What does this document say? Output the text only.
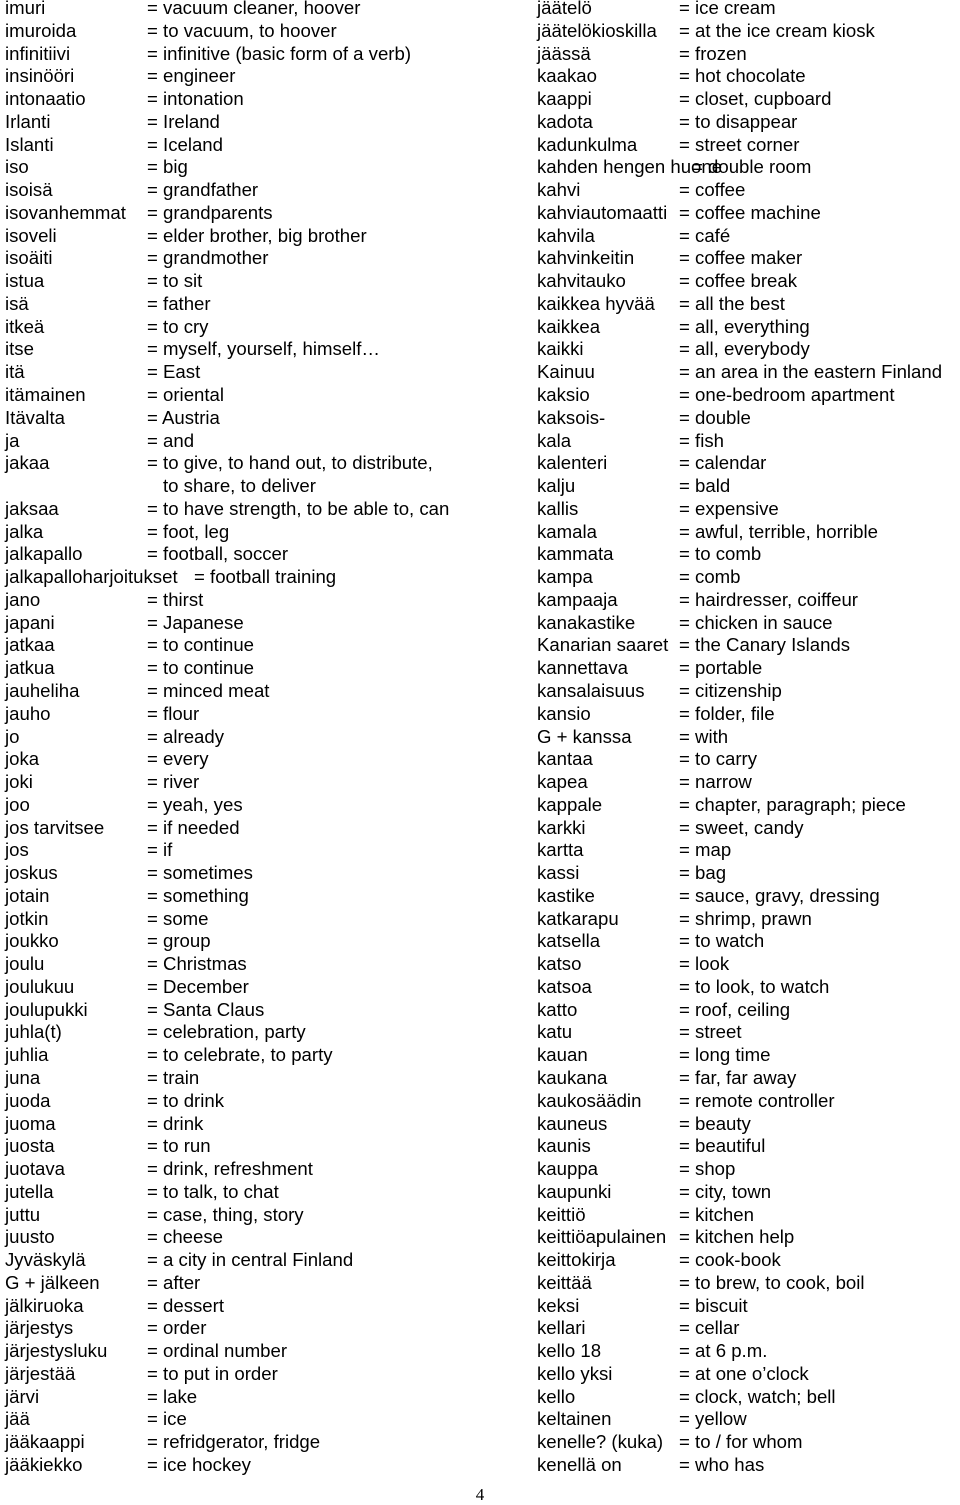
imuri	= vacuum cleaner, hoover
imuroida	= to vacuum, to hoover
infinitiivi	= infinitive (basic form of a verb)
insinööri	= engineer
intonaatio	= intonation
Irlanti	= Ireland
Islanti	= Iceland
iso	= big
isoisä	= grandfather
isovanhemmat = grandparents
isoveli	= elder brother, big brother
isoäiti	= grandmother
istua	= to sit
isä	= father
itkeä	= to cry
itse	= myself, yourself, himself…
itä	= East
itämainen	= oriental
Itävalta	= Austria
ja	= and
jakaa	= to give, to hand out, to distribute,
to share, to deliver
jaksaa	= to have strength, to be able to, can
jalka	= foot, leg
jalkapallo	= football, soccer
jalkapalloharjoitukset = football training
jano	= thirst
japani	= Japanese
jatkaa	= to continue
jatkua	= to continue
jauheliha	= minced meat
jauho	= flour
jo	= already
joka	= every
joki	= river
joo	= yeah, yes
jos tarvitsee = if needed
jos	= if
joskus	= sometimes
jotain	= something
jotkin	= some
joukko	= group
joulu	= Christmas
joulukuu	= December
joulupukki	= Santa Claus
juhla(t)	= celebration, party
juhlia	= to celebrate, to party
juna	= train
juoda	= to drink
juoma	= drink
juosta	= to run
juotava	= drink, refreshment
jutella	= to talk, to chat
juttu	= case, thing, story
juusto	= cheese
Jyväskylä	= a city in central Finland
G + jälkeen	= after
jälkiruoka	= dessert
järjestys	= order
järjestysluku = ordinal number
järjestää	= to put in order
järvi	= lake
jää	= ice
jääkaappi	= refridgerator, fridge
jääkiekko	= ice hockey
jäätelö	= ice cream
jäätelökioskilla = at the ice cream kiosk
jäässä	= frozen
kaakao	= hot chocolate
kaappi	= closet, cupboard
kadota	= to disappear
kadunkulma = street corner
kahden hengen huone
= double room
kahvi	= coffee
kahviautomaatti = coffee machine
kahvila	= café
kahvinkeitin = coffee maker
kahvitauko	= coffee break
kaikkea hyvää = all the best
kaikkea	= all, everything
kaikki	= all, everybody
Kainuu	= an area in the eastern Finland
kaksio	= one-bedroom apartment
kaksois-	= double
kala	= fish
kalenteri	= calendar
kalju	= bald
kallis	= expensive
kamala	= awful, terrible, horrible
kammata	= to comb
kampa	= comb
kampaaja	= hairdresser, coiffeur
kanakastike = chicken in sauce
Kanarian saaret = the Canary Islands
kannettava	= portable
kansalaisuus = citizenship
kansio	= folder, file
G + kanssa	= with
kantaa	= to carry
kapea	= narrow
kappale	= chapter, paragraph; piece
karkki	= sweet, candy
kartta	= map
kassi	= bag
kastike	= sauce, gravy, dressing
katkarapu	= shrimp, prawn
katsella	= to watch
katso	= look
katsoa	= to look, to watch
katto	= roof, ceiling
katu	= street
kauan	= long time
kaukana	= far, far away
kaukosäädin = remote controller
kauneus	= beauty
kaunis	= beautiful
kauppa	= shop
kaupunki	= city, town
keittiö	= kitchen
keittiöapulainen = kitchen help
keittokirja	= cook-book
keittää	= to brew, to cook, boil
keksi	= biscuit
kellari	= cellar
kello 18	= at 6 p.m.
kello yksi	= at one o’clock
kello	= clock, watch; bell
keltainen	= yellow
kenelle? (kuka) = to / for whom
kenellä on	= who has
4
